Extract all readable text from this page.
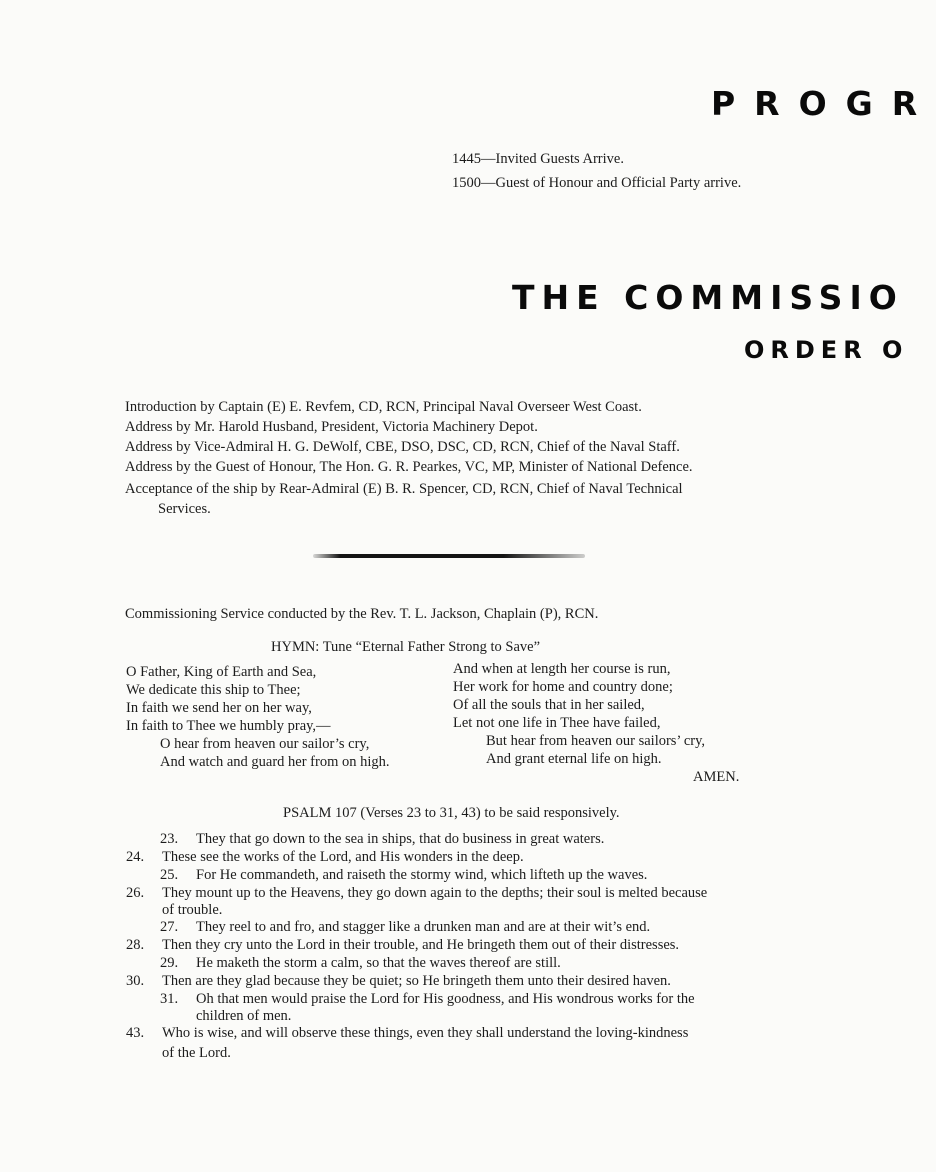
PROGR
1445—Invited Guests Arrive.
1500—Guest of Honour and Official Party arrive.
THE COMMISSIO
ORDER O
Introduction by Captain (E) E. Revfem, CD, RCN, Principal Naval Overseer West Coast.
Address by Mr. Harold Husband, President, Victoria Machinery Depot.
Address by Vice-Admiral H. G. DeWolf, CBE, DSO, DSC, CD, RCN, Chief of the Naval Staff.
Address by the Guest of Honour, The Hon. G. R. Pearkes, VC, MP, Minister of National Defence.
Acceptance of the ship by Rear-Admiral (E) B. R. Spencer, CD, RCN, Chief of Naval Technical
Services.
Commissioning Service conducted by the Rev. T. L. Jackson, Chaplain (P), RCN.
HYMN: Tune “Eternal Father Strong to Save”
O Father, King of Earth and Sea,
We dedicate this ship to Thee;
In faith we send her on her way,
In faith to Thee we humbly pray,—
O hear from heaven our sailor’s cry,
And watch and guard her from on high.
And when at length her course is run,
Her work for home and country done;
Of all the souls that in her sailed,
Let not one life in Thee have failed,
But hear from heaven our sailors’ cry,
And grant eternal life on high.
AMEN.
PSALM 107 (Verses 23 to 31, 43) to be said responsively.
23. They that go down to the sea in ships, that do business in great waters.
24. These see the works of the Lord, and His wonders in the deep.
25. For He commandeth, and raiseth the stormy wind, which lifteth up the waves.
26. They mount up to the Heavens, they go down again to the depths; their soul is melted because
of trouble.
27. They reel to and fro, and stagger like a drunken man and are at their wit’s end.
28. Then they cry unto the Lord in their trouble, and He bringeth them out of their distresses.
29. He maketh the storm a calm, so that the waves thereof are still.
30. Then are they glad because they be quiet; so He bringeth them unto their desired haven.
31. Oh that men would praise the Lord for His goodness, and His wondrous works for the
children of men.
43. Who is wise, and will observe these things, even they shall understand the loving-kindness
of the Lord.
